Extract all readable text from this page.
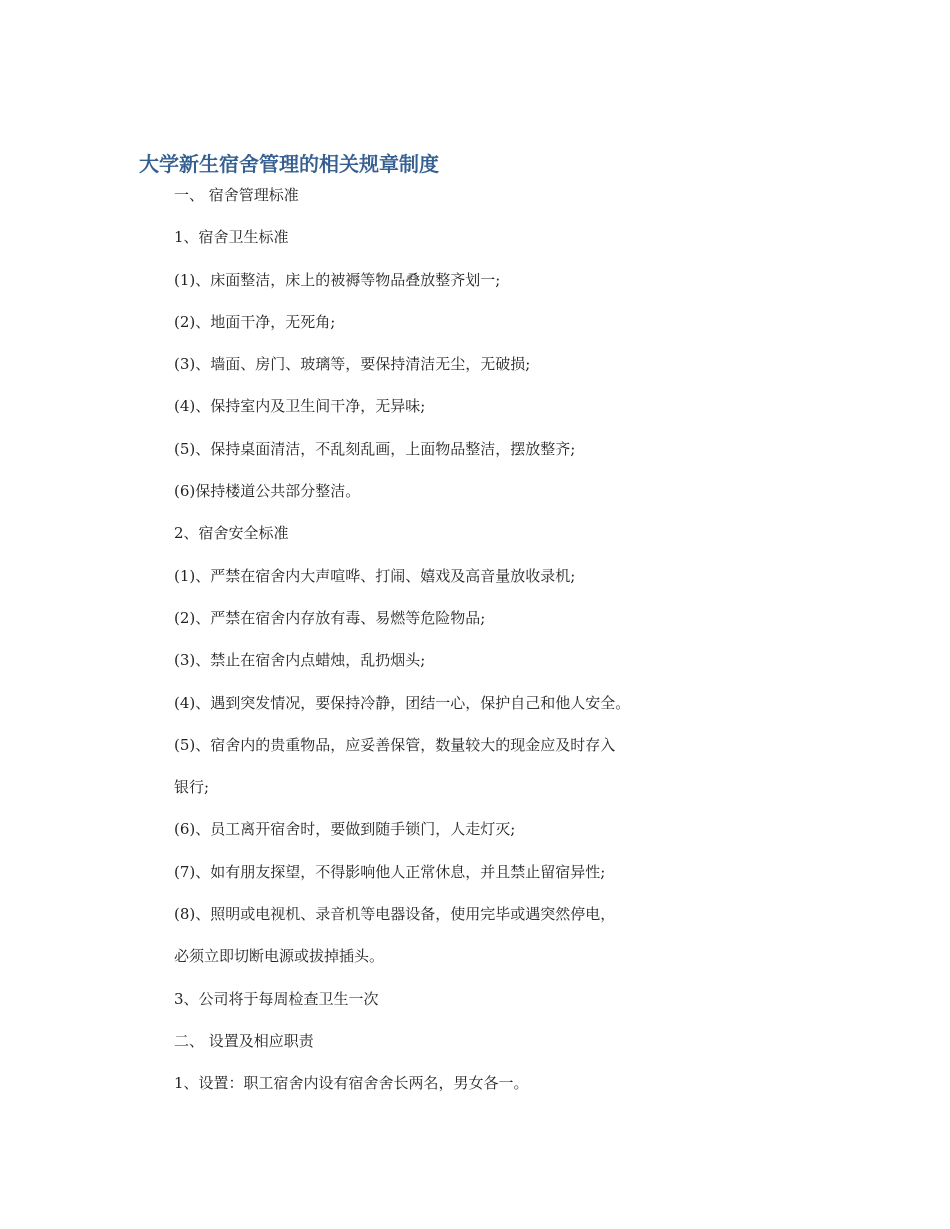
大学新生宿舍管理的相关规章制度

一、 宿舍管理标准

1、宿舍卫生标准

(1)、床面整洁，床上的被褥等物品叠放整齐划一;

(2)、地面干净，无死角;

(3)、墙面、房门、玻璃等，要保持清洁无尘，无破损;

(4)、保持室内及卫生间干净，无异味;

(5)、保持桌面清洁，不乱刻乱画，上面物品整洁，摆放整齐;

(6)保持楼道公共部分整洁。

2、宿舍安全标准

(1)、严禁在宿舍内大声喧哗、打闹、嬉戏及高音量放收录机;

(2)、严禁在宿舍内存放有毒、易燃等危险物品;

(3)、禁止在宿舍内点蜡烛，乱扔烟头;

(4)、遇到突发情况，要保持冷静，团结一心，保护自己和他人安全。

(5)、宿舍内的贵重物品，应妥善保管，数量较大的现金应及时存入

银行;

(6)、员工离开宿舍时，要做到随手锁门，人走灯灭;

(7)、如有朋友探望，不得影响他人正常休息，并且禁止留宿异性;

(8)、照明或电视机、录音机等电器设备，使用完毕或遇突然停电，

必须立即切断电源或拔掉插头。

3、公司将于每周检查卫生一次

二、 设置及相应职责

1、设置：职工宿舍内设有宿舍舍长两名，男女各一。
